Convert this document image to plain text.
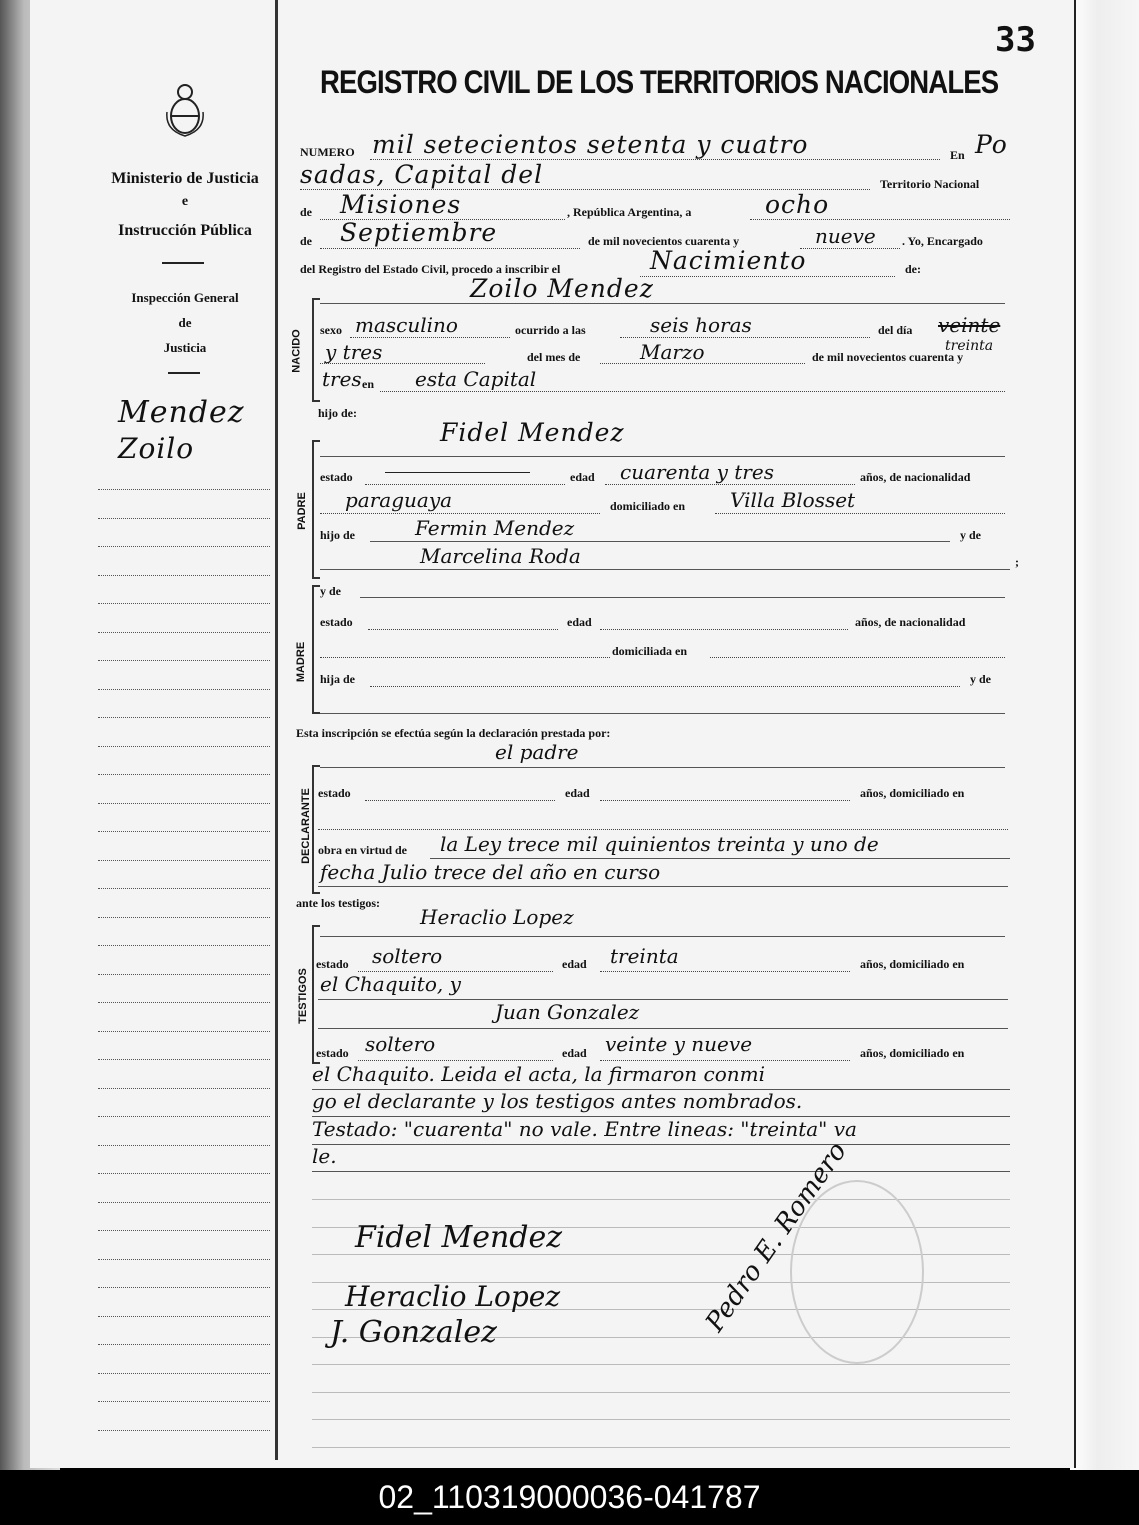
33
REGISTRO CIVIL DE LOS TERRITORIOS NACIONALES
Ministerio de Justicia
e
Instrucción Pública
Inspección General
de
Justicia
Mendez
Zoilo
NUMERO mil setecientos setenta y cuatro	En Po
sadas, Capital del	Territorio Nacional
de Misiones	, República Argentina, a	ocho
de Septiembre	de mil novecientos cuarenta y	nueve . Yo, Encargado
del Registro del Estado Civil, procedo a inscribir el	Nacimiento	de:
Zoilo Mendez
NACIDO sexo masculino	ocurrido a las	seis horas	del día veinte
treinta
y tres	del mes de	Marzo	de mil novecientos cuarenta y
tres en esta Capital
hijo de:
PADRE
Fidel Mendez
estado	edad cuarenta y tres	años, de nacionalidad
paraguaya	domiciliado en Villa Blosset
hijo de	Fermin Mendez	y de
Marcelina Roda	;
MADRE
y de
estado	edad	años, de nacionalidad
domiciliada en
hija de	y de
Esta inscripción se efectúa según la declaración prestada por:
el padre
DECLARANTE estado	edad	años, domiciliado en
obra en virtud de la Ley trece mil quinientos treinta y uno de
fecha Julio trece del año en curso
ante los testigos:
TESTIGOS
Heraclio Lopez
estado soltero	edad treinta	años, domiciliado en
el Chaquito, y
Juan Gonzalez
estado soltero	edad veinte y nueve	años, domiciliado en
el Chaquito. Leida el acta, la firmaron conmi
go el declarante y los testigos antes nombrados.
Testado: "cuarenta" no vale. Entre lineas: "treinta" va
le.
Fidel Mendez
Heraclio Lopez
J. Gonzalez	Pedro E. Romero
02_110319000036-041787
